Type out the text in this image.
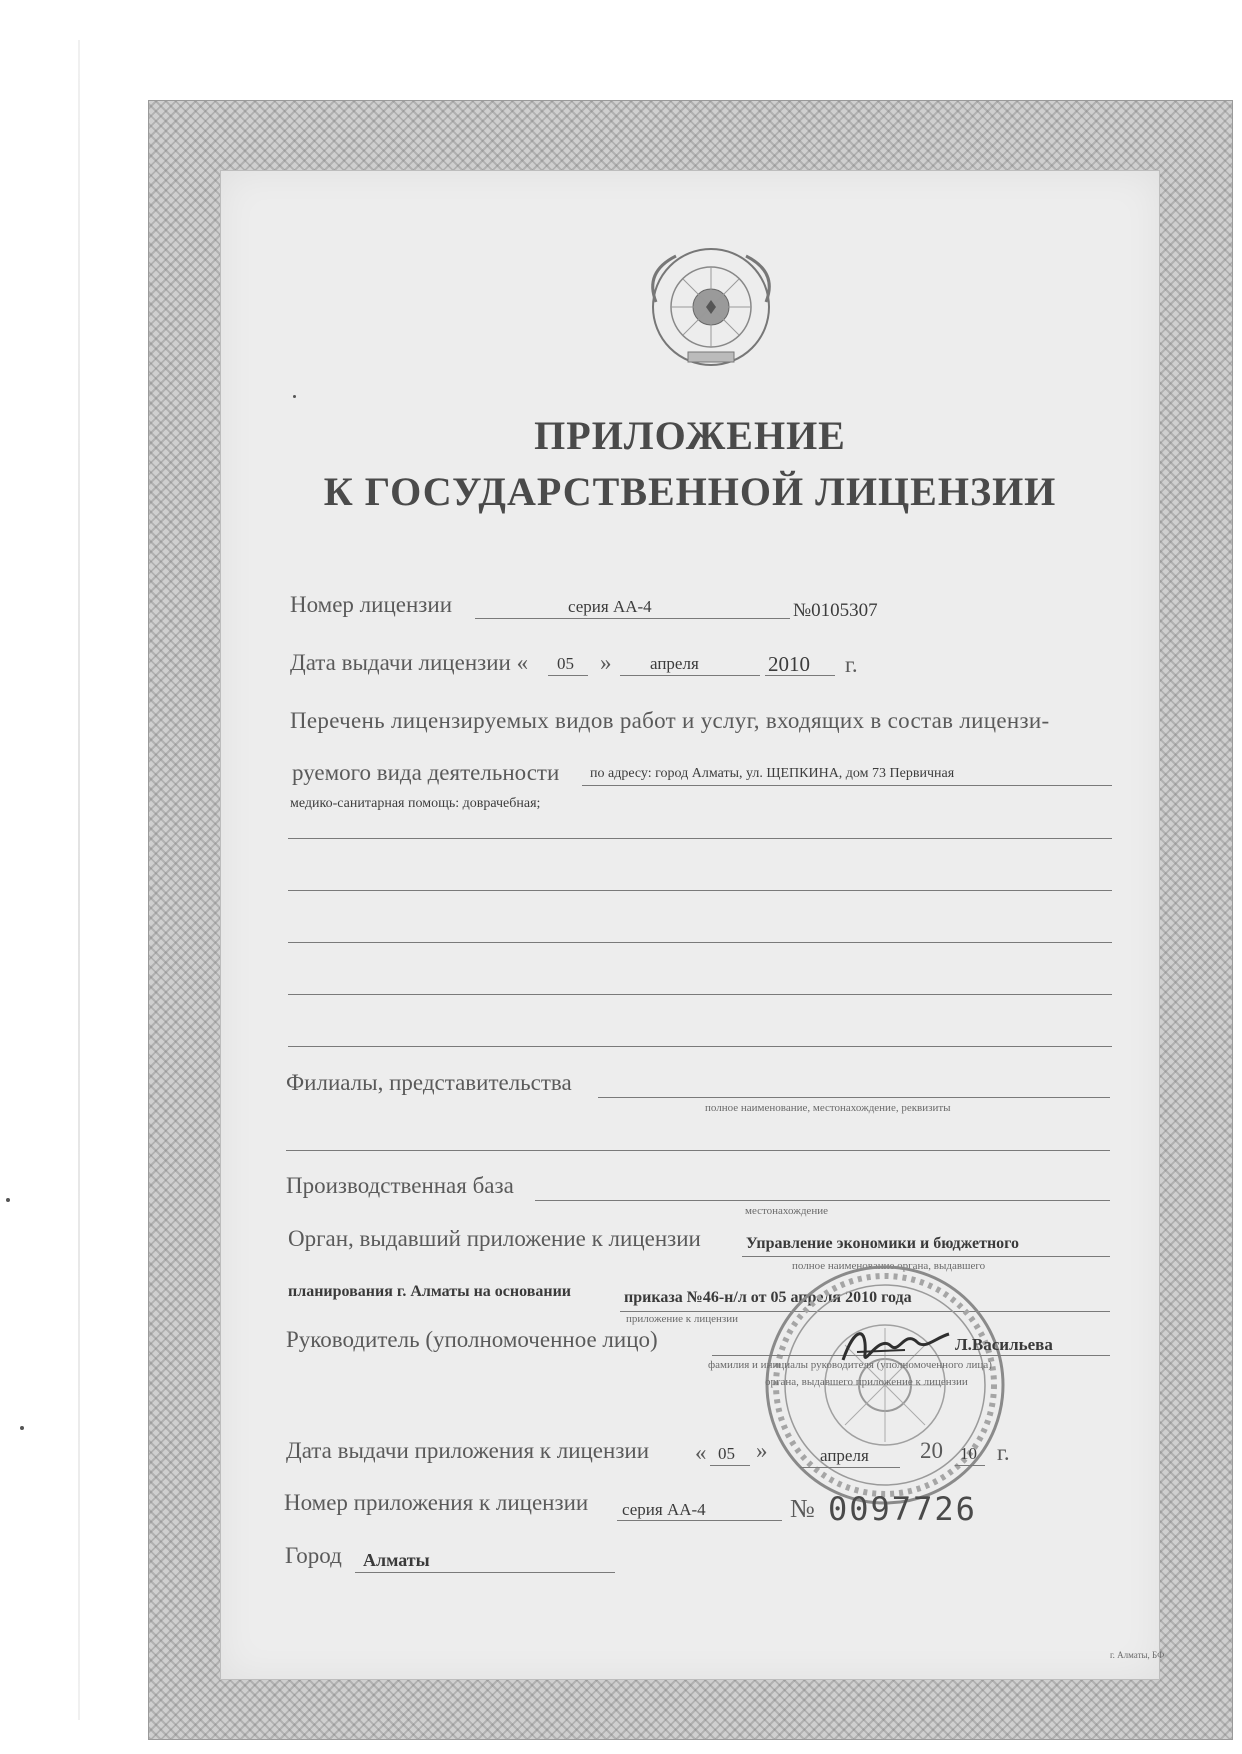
ПРИЛОЖЕНИЕ
К ГОСУДАРСТВЕННОЙ ЛИЦЕНЗИИ
Номер лицензии	серия АА-4	№0105307
Дата выдачи лицензии « 05 » апреля	2010 г.
Перечень лицензируемых видов работ и услуг, входящих в состав лицензи-
руемого вида деятельности по адресу: город Алматы, ул. ЩЕПКИНА, дом 73 Первичная
медико-санитарная помощь: доврачебная;
Филиалы, представительства
полное наименование, местонахождение, реквизиты
Производственная база
местонахождение
Орган, выдавший приложение к лицензии	Управление экономики и бюджетного
полное наименование органа, выдавшего
планирования г. Алматы на основании	приказа №46-н/л от 05 апреля 2010 года
приложение к лицензии
Руководитель (уполномоченное лицо)	Л.Васильева
фамилия и инициалы руководителя (уполномоченного лица)
органа, выдавшего приложение к лицензии
Дата выдачи приложения к лицензии « 05 »	апреля 20 10 г.
Номер приложения к лицензии серия АА-4	№ 0097726
Город Алматы
г. Алматы, БФ
